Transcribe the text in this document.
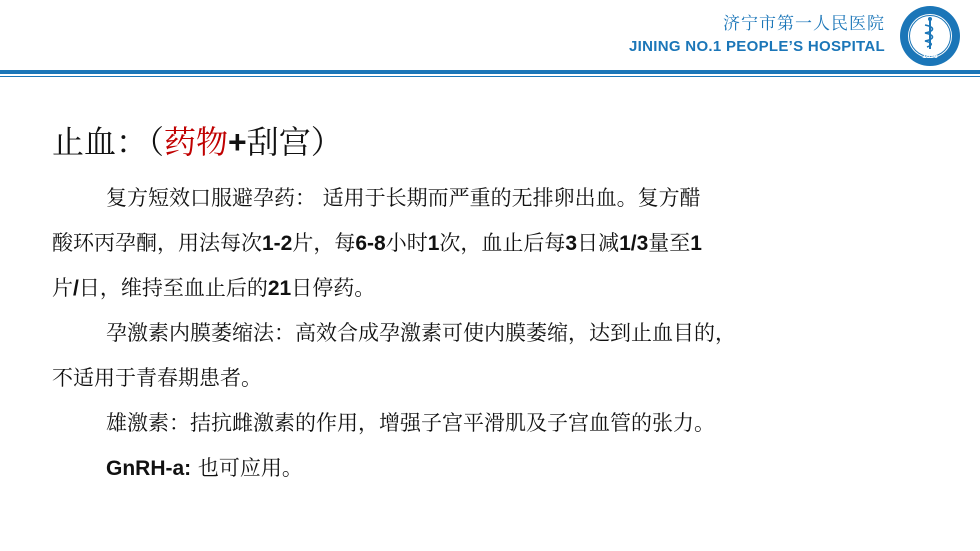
济宁市第一人民医院
JINING NO.1 PEOPLE’S HOSPITAL
1896
止血：（药物+刮宫）
复方短效口服避孕药： 适用于长期而严重的无排卵出血。复方醋
酸环丙孕酮，用法每次1-2片，每6-8小时1次，血止后每3日减1/3量至1
片/日，维持至血止后的21日停药。
孕激素内膜萎缩法：高效合成孕激素可使内膜萎缩，达到止血目的，
不适用于青春期患者。
雄激素：拮抗雌激素的作用，增强子宫平滑肌及子宫血管的张力。
GnRH-a: 也可应用。
